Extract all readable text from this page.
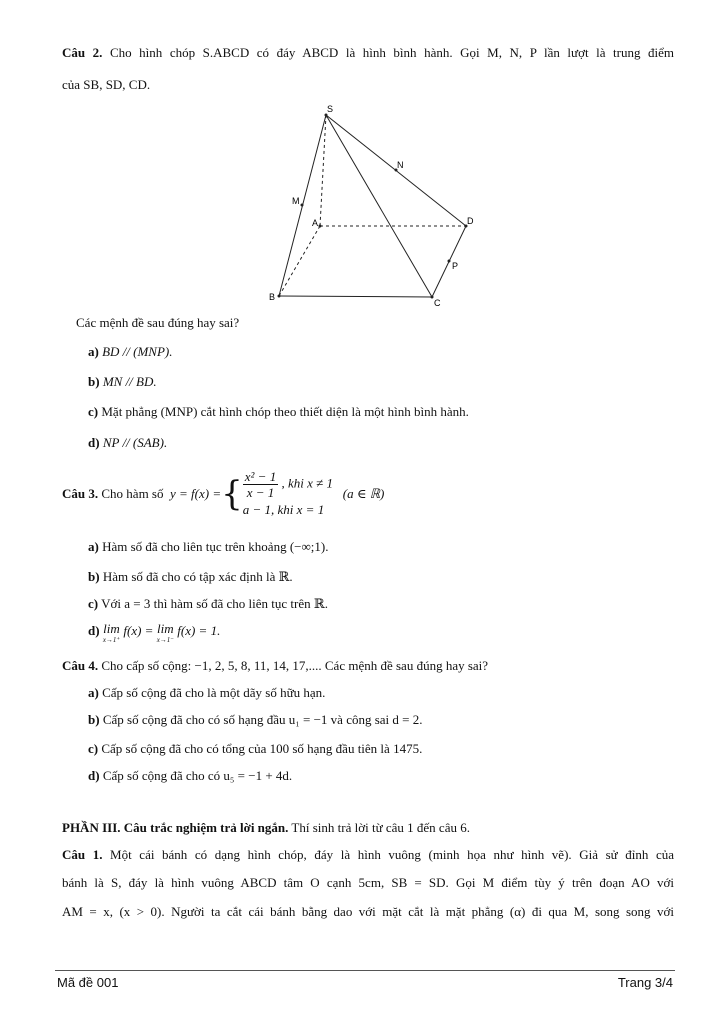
Câu 2. Cho hình chóp S.ABCD có đáy ABCD là hình bình hành. Gọi M, N, P lần lượt là trung điểm
của SB, SD, CD.
S
N
M
A	D
P
B
C
Các mệnh đề sau đúng hay sai?
a) BD // (MNP).
b) MN // BD.
c) Mặt phẳng (MNP) cắt hình chóp theo thiết diện là một hình bình hành.
d) NP // (SAB).
Câu 3.
Cho hàm số
y = f(x) = { $\frac{\text{x² − 1}}{x - 1}$ , khi x ≠ 1
a − 1, khi x = 1

(a ∈ ℝ)
a) Hàm số đã cho liên tục trên khoảng (−∞;1).
b) Hàm số đã cho có tập xác định là ℝ.
c) Với a = 3 thì hàm số đã cho liên tục trên ℝ.
d) lim
x→1⁺
f(x) = lim
x→1⁻
f(x) = 1.
Câu 4. Cho cấp số cộng: −1, 2, 5, 8, 11, 14, 17,.... Các mệnh đề sau đúng hay sai?
a) Cấp số cộng đã cho là một dãy số hữu hạn.
b) Cấp số cộng đã cho có số hạng đầu u₁ = −1 và công sai d = 2.
c) Cấp số cộng đã cho có tổng của 100 số hạng đầu tiên là 1475.
d) Cấp số cộng đã cho có u₅ = −1 + 4d.
PHẦN III. Câu trắc nghiệm trả lời ngắn. Thí sinh trả lời từ câu 1 đến câu 6.
Câu 1. Một cái bánh có dạng hình chóp, đáy là hình vuông (minh họa như hình vẽ). Giả sử đỉnh của
bánh là S, đáy là hình vuông ABCD tâm O cạnh 5cm, SB = SD. Gọi M điểm tùy ý trên đoạn AO với
AM = x, (x > 0). Người ta cắt cái bánh bằng dao với mặt cắt là mặt phẳng (α) đi qua M, song song với
Mã đề 001	Trang 3/4
